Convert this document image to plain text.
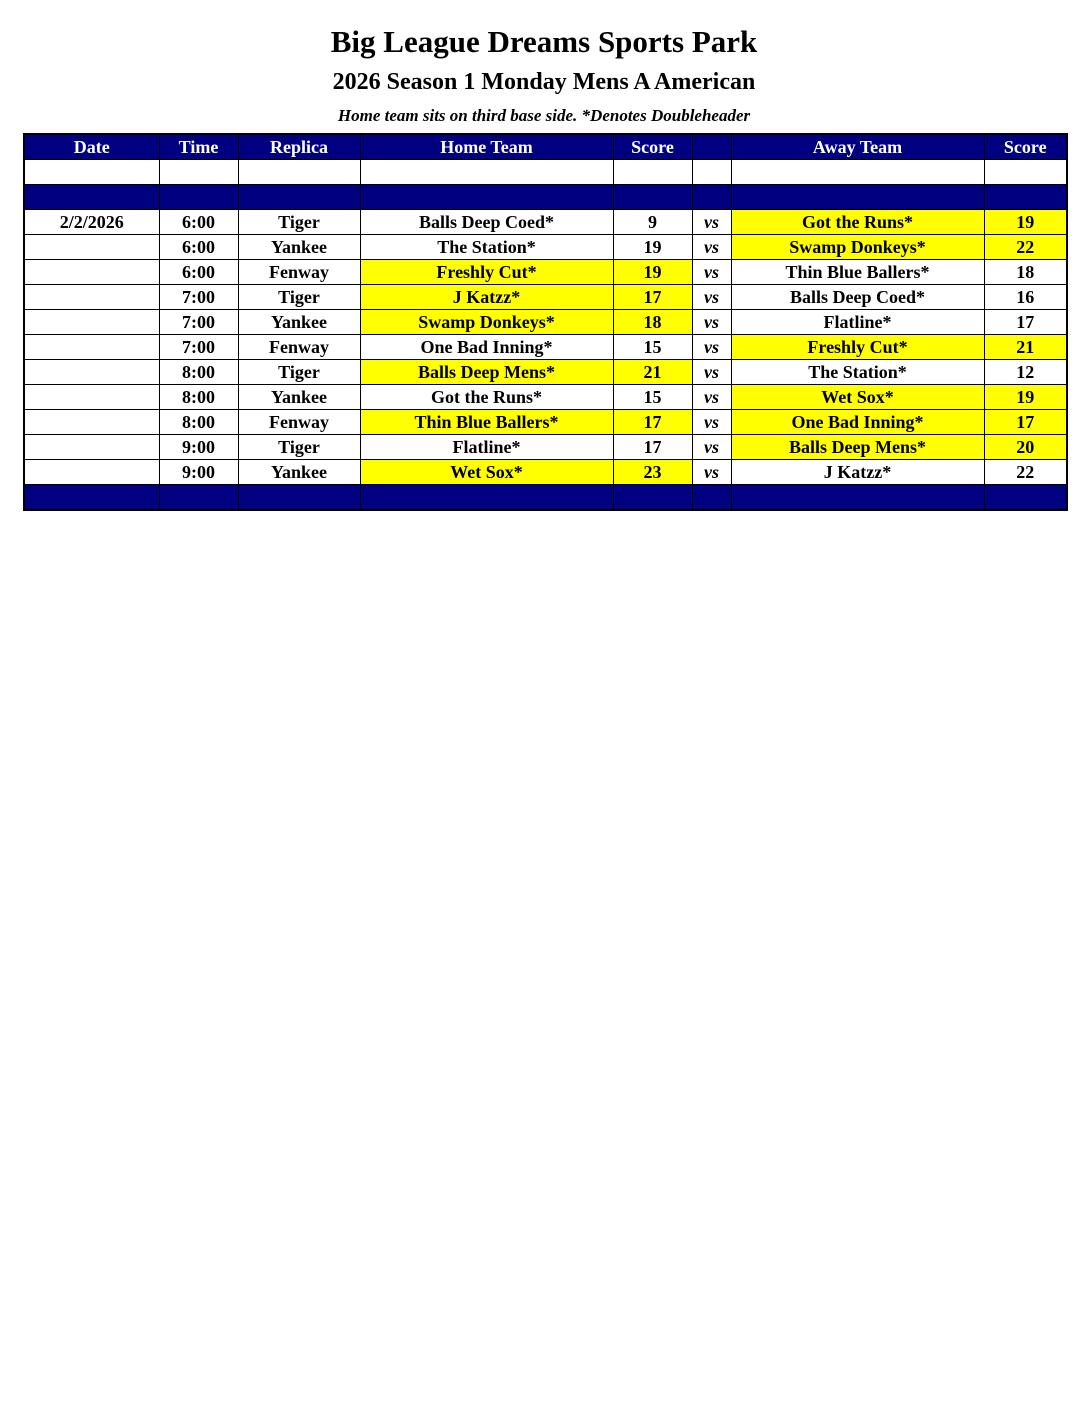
Big League Dreams Sports Park
2026 Season 1 Monday Mens A American
Home team sits on third base side. *Denotes Doubleheader
Date	Time	Replica	Home Team	Score		Away Team	Score

2/2/2026	6:00	Tiger	Balls Deep Coed*	9	vs	Got the Runs*	19
	6:00	Yankee	The Station*	19	vs	Swamp Donkeys*	22
	6:00	Fenway	Freshly Cut*	19	vs	Thin Blue Ballers*	18
	7:00	Tiger	J Katzz*	17	vs	Balls Deep Coed*	16
	7:00	Yankee	Swamp Donkeys*	18	vs	Flatline*	17
	7:00	Fenway	One Bad Inning*	15	vs	Freshly Cut*	21
	8:00	Tiger	Balls Deep Mens*	21	vs	The Station*	12
	8:00	Yankee	Got the Runs*	15	vs	Wet Sox*	19
	8:00	Fenway	Thin Blue Ballers*	17	vs	One Bad Inning*	17
	9:00	Tiger	Flatline*	17	vs	Balls Deep Mens*	20
	9:00	Yankee	Wet Sox*	23	vs	J Katzz*	22
